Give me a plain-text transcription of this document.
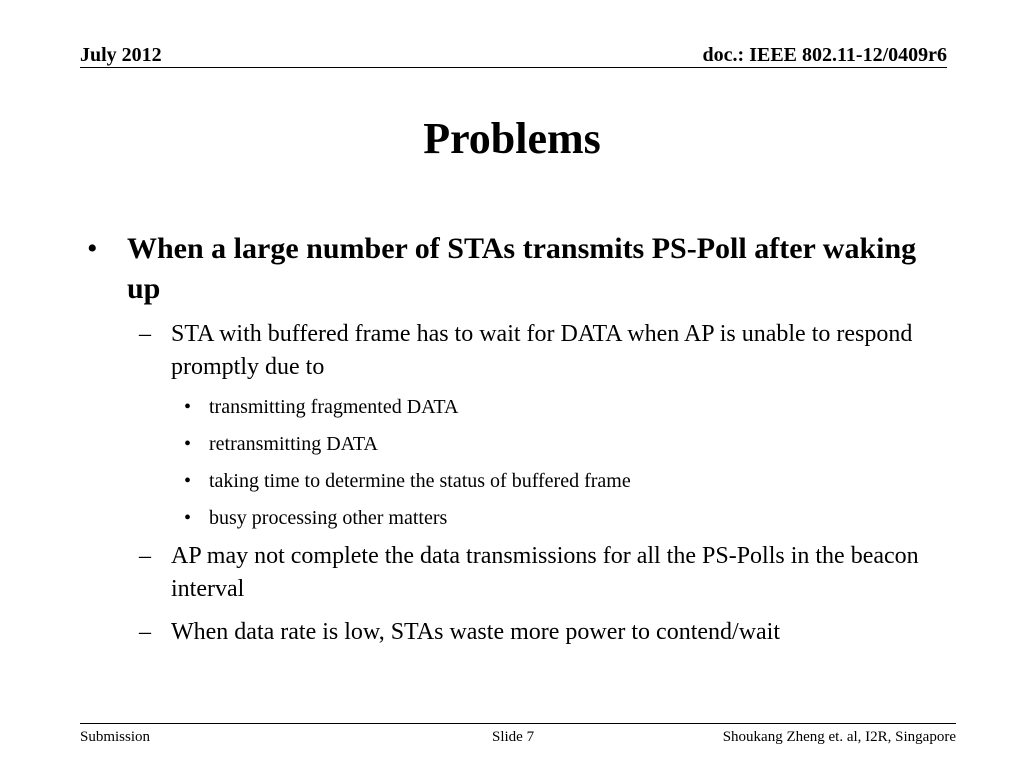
July 2012	doc.: IEEE 802.11-12/0409r6
Problems
• When a large number of STAs transmits PS-Poll after waking up
– STA with buffered frame has to wait for DATA when AP is unable to respond promptly due to
• transmitting fragmented DATA
• retransmitting DATA
• taking time to determine the status of buffered frame
• busy processing other matters
– AP may not complete the data transmissions for all the PS-Polls in the beacon interval
– When data rate is low, STAs waste more power to contend/wait
Submission	Slide 7	Shoukang Zheng et. al, I2R, Singapore
